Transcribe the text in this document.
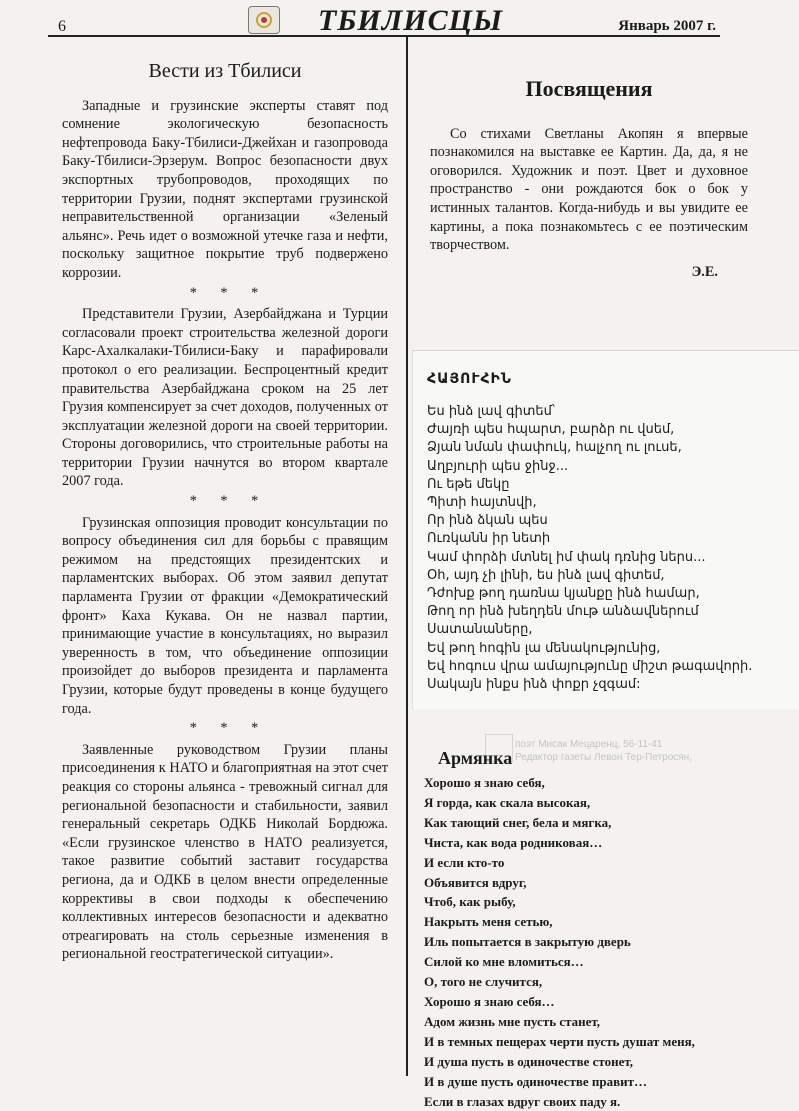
6	ТБИЛИСЦЫ	Январь 2007 г.
Вести из Тбилиси

Западные и грузинские эксперты ставят под сомнение экологическую безопасность нефтепровода Баку-Тбилиси-Джейхан и газопровода Баку-Тбилиси-Эрзерум. Вопрос безопасности двух экспортных трубопроводов, проходящих по территории Грузии, поднят экспертами грузинской неправительственной организации «Зеленый альянс». Речь идет о возможной утечке газа и нефти, поскольку защитное покрытие труб подвержено коррозии.

* * *

Представители Грузии, Азербайджана и Турции согласовали проект строительства железной дороги Карс-Ахалкалаки-Тбилиси-Баку и парафировали протокол о его реализации. Беспроцентный кредит правительства Азербайджана сроком на 25 лет Грузия компенсирует за счет доходов, полученных от эксплуатации железной дороги на своей территории. Стороны договорились, что строительные работы на территории Грузии начнутся во втором квартале 2007 года.

* * *

Грузинская оппозиция проводит консультации по вопросу объединения сил для борьбы с правящим режимом на предстоящих президентских и парламентских выборах. Об этом заявил депутат парламента Грузии от фракции «Демократический фронт» Каха Кукава. Он не назвал партии, принимающие участие в консультациях, но выразил уверенность в том, что объединение оппозиции произойдет до выборов президента и парламента Грузии, которые будут проведены в конце будущего года.

* * *

Заявленные руководством Грузии планы присоединения к НАТО и благоприятная на этот счет реакция со стороны альянса - тревожный сигнал для региональной безопасности и стабильности, заявил генеральный секретарь ОДКБ Николай Бордюжа. «Если грузинское членство в НАТО реализуется, такое развитие событий заставит государства региона, да и ОДКБ в целом внести определенные коррективы в свои подходы к обеспечению коллективных интересов безопасности и адекватно отреагировать на столь серьезные изменения в региональной геостратегической ситуации».

Посвящения

Со стихами Светланы Акопян я впервые познакомился на выставке ее Картин. Да, да, я не оговорился. Художник и поэт. Цвет и духовное пространство - они рождаются бок о бок у истинных талантов. Когда-нибудь и вы увидите ее картины, а пока познакомьтесь с ее поэтическим творчеством.

Э.Е.
ՀԱՅՈՒՀԻՆ
Ես ինձ լավ գիտեմ՝
Ժայռի պես հպարտ, բարձր ու վսեմ,
Ձյան նման փափուկ, հալչող ու լուսե,
Աղբյուրի պես ջինջ...
Ու եթե մեկը
Պիտի հայտնվի,
Որ ինձ ձկան պես
Ուռկանն իր նետի
Կամ փորձի մտնել իմ փակ դռնից ներս...
Օհ, այդ չի լինի, ես ինձ լավ գիտեմ,
Դժոխք թող դառնա կյանքը ինձ համար,
Թող որ ինձ խեղդեն մութ անձավներում
Սատանաները,
Եվ թող հոգին լա մենակությունից,
Եվ հոգուս վրա ամայությունը միշտ թագավորի.
Սակայն ինքս ինձ փոքր չզգամ:
поэт Мисак Мецаренц, 56-11-41
Редактор газеты Левон Тер-Петросян,
Армянка
Хорошо я знаю себя,
Я горда, как скала высокая,
Как тающий снег, бела и мягка,
Чиста, как вода родниковая…
И если кто-то
Объявится вдруг,
Чтоб, как рыбу,
Накрыть меня сетью,
Иль попытается в закрытую дверь
Силой ко мне вломиться…
О, того не случится,
Хорошо я знаю себя…
Адом жизнь мне пусть станет,
И в темных пещерах черти пусть душат меня,
И душа пусть в одиночестве стонет,
И в душе пусть одиночестве правит…
Если в глазах вдруг своих паду я.
